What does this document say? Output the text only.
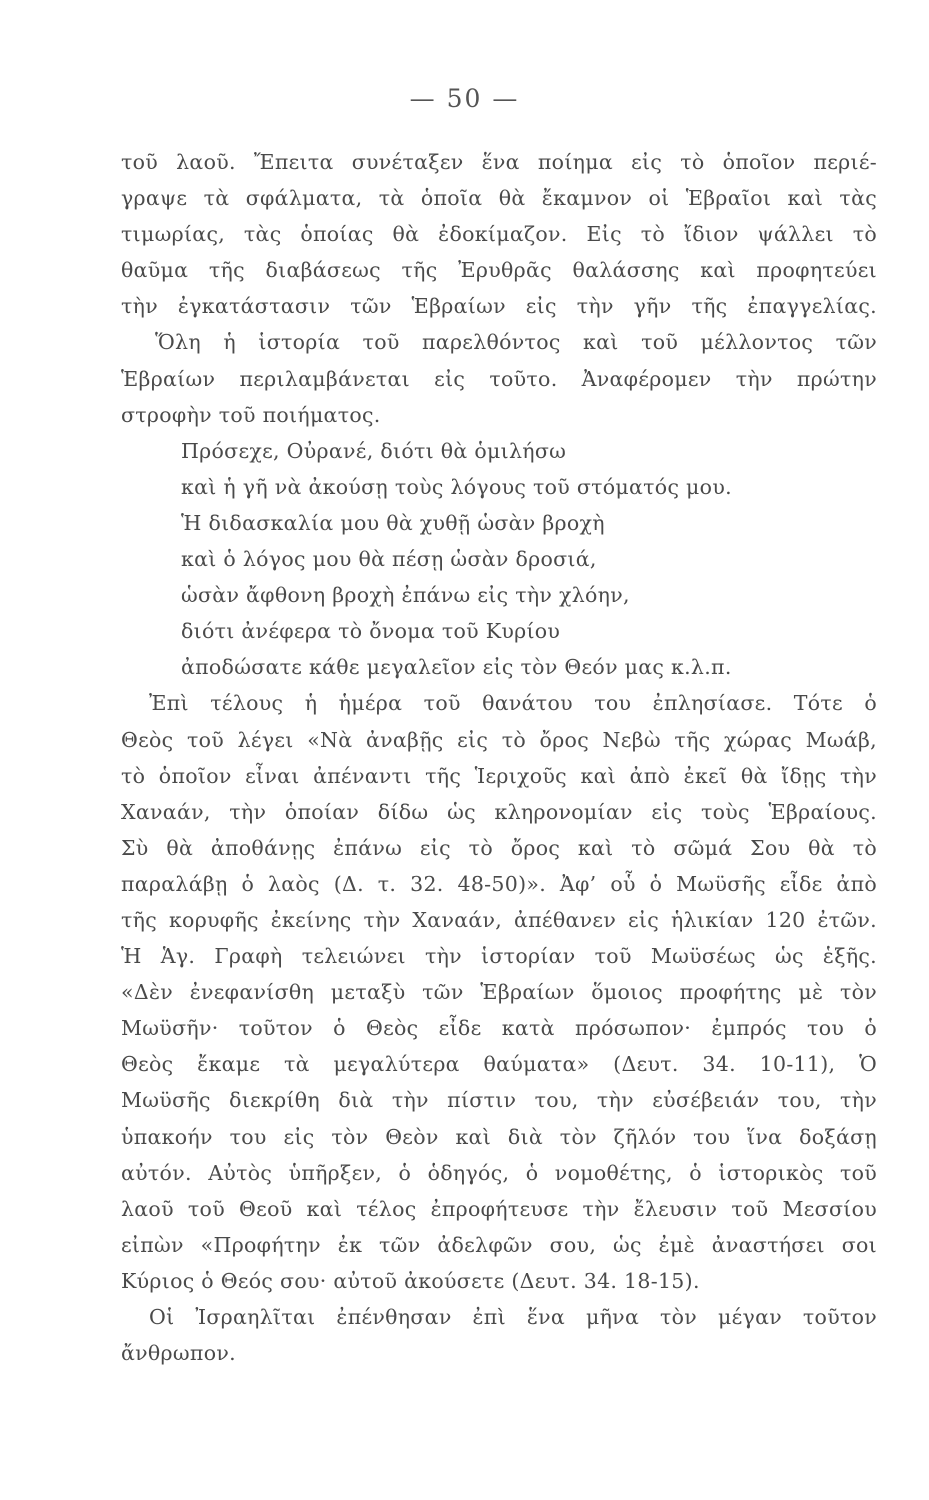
— 50 —
τοῦ λαοῦ. Ἔπειτα συνέταξεν ἕνα ποίημα εἰς τὸ ὁποῖον περιέ-
γραψε τὰ σφάλματα, τὰ ὁποῖα θὰ ἔκαμνον οἱ Ἑβραῖοι καὶ τὰς
τιμωρίας, τὰς ὁποίας θὰ ἐδοκίμαζον. Εἰς τὸ ἴδιον ψάλλει τὸ
θαῦμα τῆς διαβάσεως τῆς Ἐρυθρᾶς θαλάσσης καὶ προφητεύει
τὴν ἐγκατάστασιν τῶν Ἑβραίων εἰς τὴν γῆν τῆς ἐπαγγελίας.
Ὅλη ἡ ἱστορία τοῦ παρελθόντος καὶ τοῦ μέλλοντος τῶν
Ἑβραίων περιλαμβάνεται εἰς τοῦτο. Ἀναφέρομεν τὴν πρώτην
στροφὴν τοῦ ποιήματος.
Πρόσεχε, Οὐρανέ, διότι θὰ ὁμιλήσω
καὶ ἡ γῆ νὰ ἀκούσῃ τοὺς λόγους τοῦ στόματός μου.
Ἡ διδασκαλία μου θὰ χυθῇ ὡσὰν βροχὴ
καὶ ὁ λόγος μου θὰ πέσῃ ὡσὰν δροσιά,
ὡσὰν ἄφθονη βροχὴ ἐπάνω εἰς τὴν χλόην,
διότι ἀνέφερα τὸ ὄνομα τοῦ Κυρίου
ἀποδώσατε κάθε μεγαλεῖον εἰς τὸν Θεόν μας κ.λ.π.
Ἐπὶ τέλους ἡ ἡμέρα τοῦ θανάτου του ἐπλησίασε. Τότε ὁ
Θεὸς τοῦ λέγει «Νὰ ἀναβῇς εἰς τὸ ὄρος Νεβὼ τῆς χώρας Μωάβ,
τὸ ὁποῖον εἶναι ἀπέναντι τῆς Ἱεριχοῦς καὶ ἀπὸ ἐκεῖ θὰ ἴδῃς τὴν
Χαναάν, τὴν ὁποίαν δίδω ὡς κληρονομίαν εἰς τοὺς Ἑβραίους.
Σὺ θὰ ἀποθάνῃς ἐπάνω εἰς τὸ ὄρος καὶ τὸ σῶμά Σου θὰ τὸ
παραλάβῃ ὁ λαὸς (Δ. τ. 32. 48-50)». Ἀφ’ οὗ ὁ Μωϋσῆς εἶδε ἀπὸ
τῆς κορυφῆς ἐκείνης τὴν Χαναάν, ἀπέθανεν εἰς ἡλικίαν 120 ἐτῶν.
Ἡ Ἁγ. Γραφὴ τελειώνει τὴν ἱστορίαν τοῦ Μωϋσέως ὡς ἑξῆς.
«Δὲν ἐνεφανίσθη μεταξὺ τῶν Ἑβραίων ὅμοιος προφήτης μὲ τὸν
Μωϋσῆν· τοῦτον ὁ Θεὸς εἶδε κατὰ πρόσωπον· ἐμπρός του ὁ
Θεὸς ἔκαμε τὰ μεγαλύτερα θαύματα» (Δευτ. 34. 10-11), Ὁ
Μωϋσῆς διεκρίθη διὰ τὴν πίστιν του, τὴν εὐσέβειάν του, τὴν
ὑπακοήν του εἰς τὸν Θεὸν καὶ διὰ τὸν ζῆλόν του ἵνα δοξάσῃ
αὐτόν. Αὐτὸς ὑπῆρξεν, ὁ ὁδηγός, ὁ νομοθέτης, ὁ ἱστορικὸς τοῦ
λαοῦ τοῦ Θεοῦ καὶ τέλος ἐπροφήτευσε τὴν ἔλευσιν τοῦ Μεσσίου
εἰπὼν «Προφήτην ἐκ τῶν ἀδελφῶν σου, ὡς ἐμὲ ἀναστήσει σοι
Κύριος ὁ Θεός σου· αὐτοῦ ἀκούσετε (Δευτ. 34. 18-15).
Οἱ Ἰσραηλῖται ἐπένθησαν ἐπὶ ἕνα μῆνα τὸν μέγαν τοῦτον
ἄνθρωπον.
